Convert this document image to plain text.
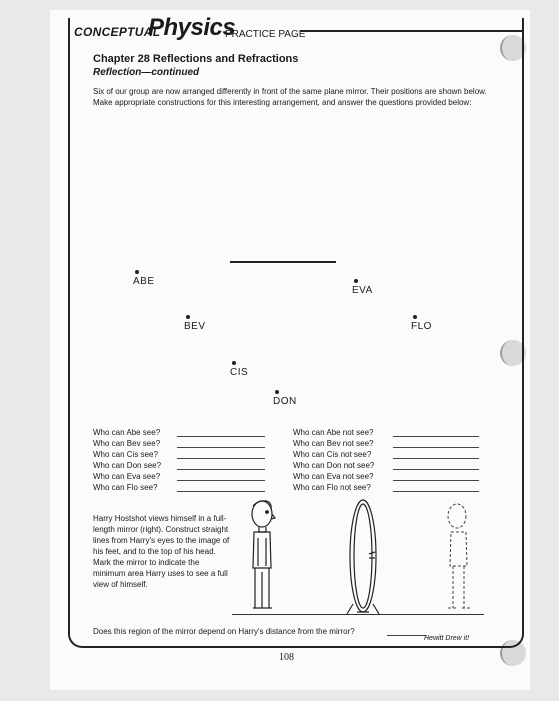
CONCEPTUAL
Physics
PRACTICE PAGE
Chapter 28 Reflections and Refractions
Reflection—continued
Six of our group are now arranged differently in front of the same plane mirror. Their positions are shown below. Make appropriate constructions for this interesting arrangement, and answer the questions provided below:
ABE
EVA
BEV	FLO
CIS
DON
Who can Abe see?
Who can Bev see?
Who can Cis see?
Who can Don see?
Who can Eva see?
Who can Flo see?
Who can Abe not see?
Who can Bev not see?
Who can Cis not see?
Who can Don not see?
Who can Eva not see?
Who can Flo not see?
Harry Hostshot views himself in a full-length mirror (right). Construct straight lines from Harry's eyes to the image of his feet, and to the top of his head. Mark the mirror to indicate the minimum area Harry uses to see a full view of himself.
Does this region of the mirror depend on Harry's distance from the mirror?
Hewitt Drew it!
108
